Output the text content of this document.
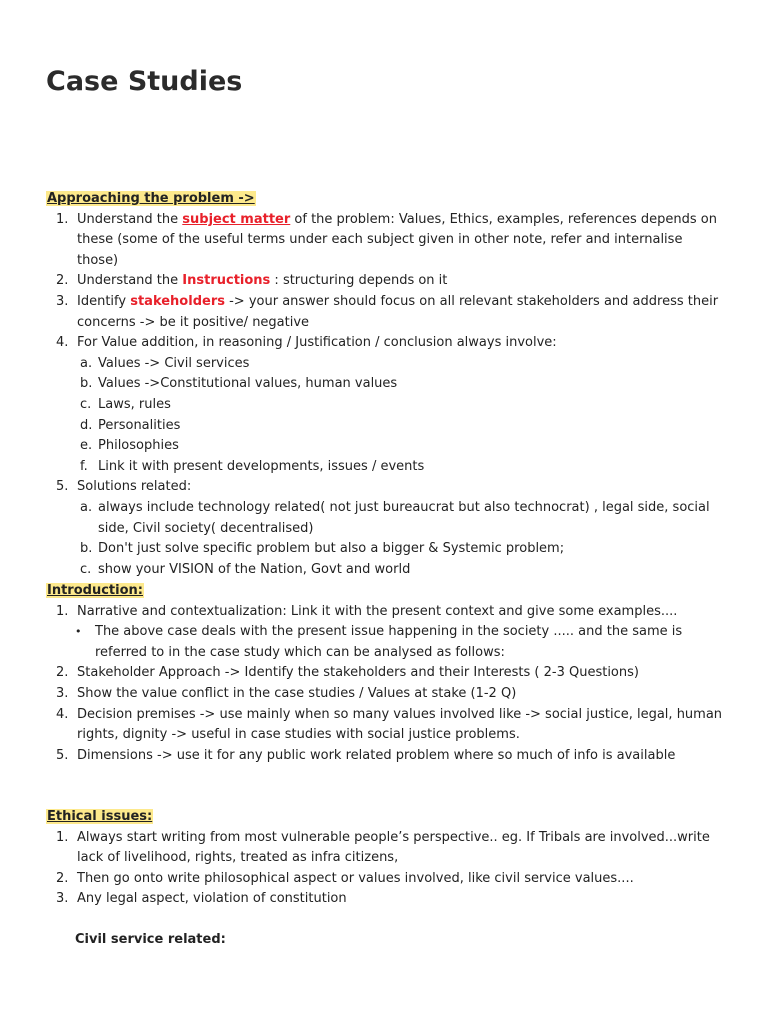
Case Studies
Approaching the problem ->
1. Understand the subject matter of the problem: Values, Ethics, examples, references depends on these (some of the useful terms under each subject given in other note, refer and internalise those)
2. Understand the Instructions : structuring depends on it
3. Identify stakeholders -> your answer should focus on all relevant stakeholders and address their concerns -> be it positive/ negative
4. For Value addition, in reasoning / Justification / conclusion always involve:
a. Values -> Civil services
b. Values ->Constitutional values, human values
c. Laws, rules
d. Personalities
e. Philosophies
f. Link it with present developments, issues / events
5. Solutions related:
a. always include technology related( not just bureaucrat but also technocrat) , legal side, social side, Civil society( decentralised)
b. Don't just solve specific problem but also a bigger & Systemic problem;
c. show your VISION of the Nation, Govt and world
Introduction:
1. Narrative and contextualization: Link it with the present context and give some examples....
• The above case deals with the present issue happening in the society ..... and the same is referred to in the case study which can be analysed as follows:
2. Stakeholder Approach -> Identify the stakeholders and their Interests ( 2-3 Questions)
3. Show the value conflict in the case studies / Values at stake (1-2 Q)
4. Decision premises -> use mainly when so many values involved like -> social justice, legal, human rights, dignity -> useful in case studies with social justice problems.
5. Dimensions -> use it for any public work related problem where so much of info is available
Ethical issues:
1. Always start writing from most vulnerable people’s perspective.. eg. If Tribals are involved...write lack of livelihood, rights, treated as infra citizens,
2. Then go onto write philosophical aspect or values involved, like civil service values....
3. Any legal aspect, violation of constitution
Civil service related:
